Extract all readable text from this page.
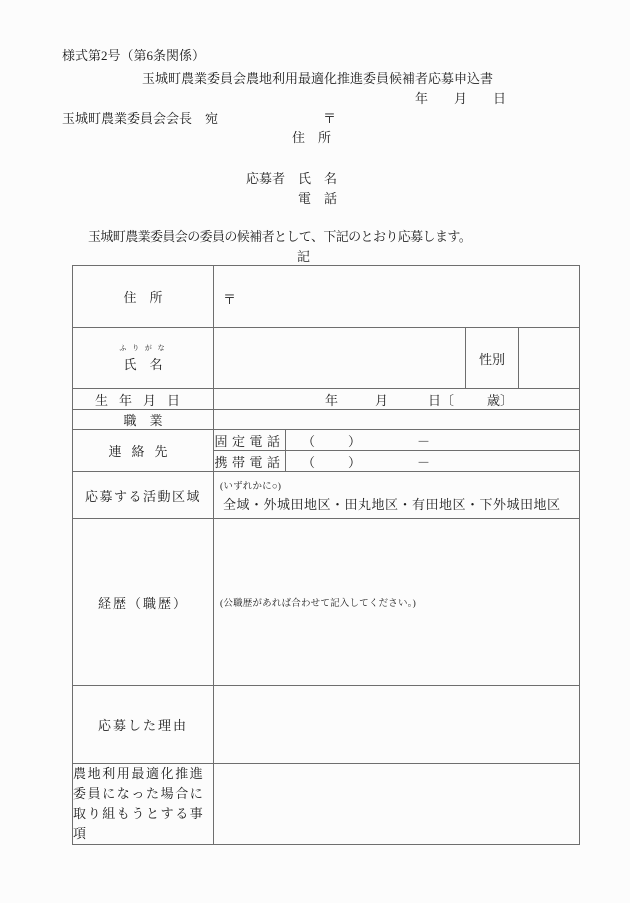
様式第2号（第6条関係）
玉城町農業委員会農地利用最適化推進委員候補者応募申込書
年　　月　　日
玉城町農業委員会会長　宛	〒
住　所
応募者　氏　名
電　話
玉城町農業委員会の委員の候補者として、下記のとおり応募します。
記
住　所	〒			

ふ り が な
氏　名			性別	
生年月日	年 月 日〔 歳〕			
職　業				
連絡先	固定電話	（ ） －		
	携帯電話	（ ） －		
応募する活動区域	(いずれかに○)
全域・外城田地区・田丸地区・有田地区・下外城田地区			

経歴（職歴）	(公職歴があれば合わせて記入してください。)			

応募した理由				
農地利用最適化推進委員になった場合に取り組もうとする事項				
